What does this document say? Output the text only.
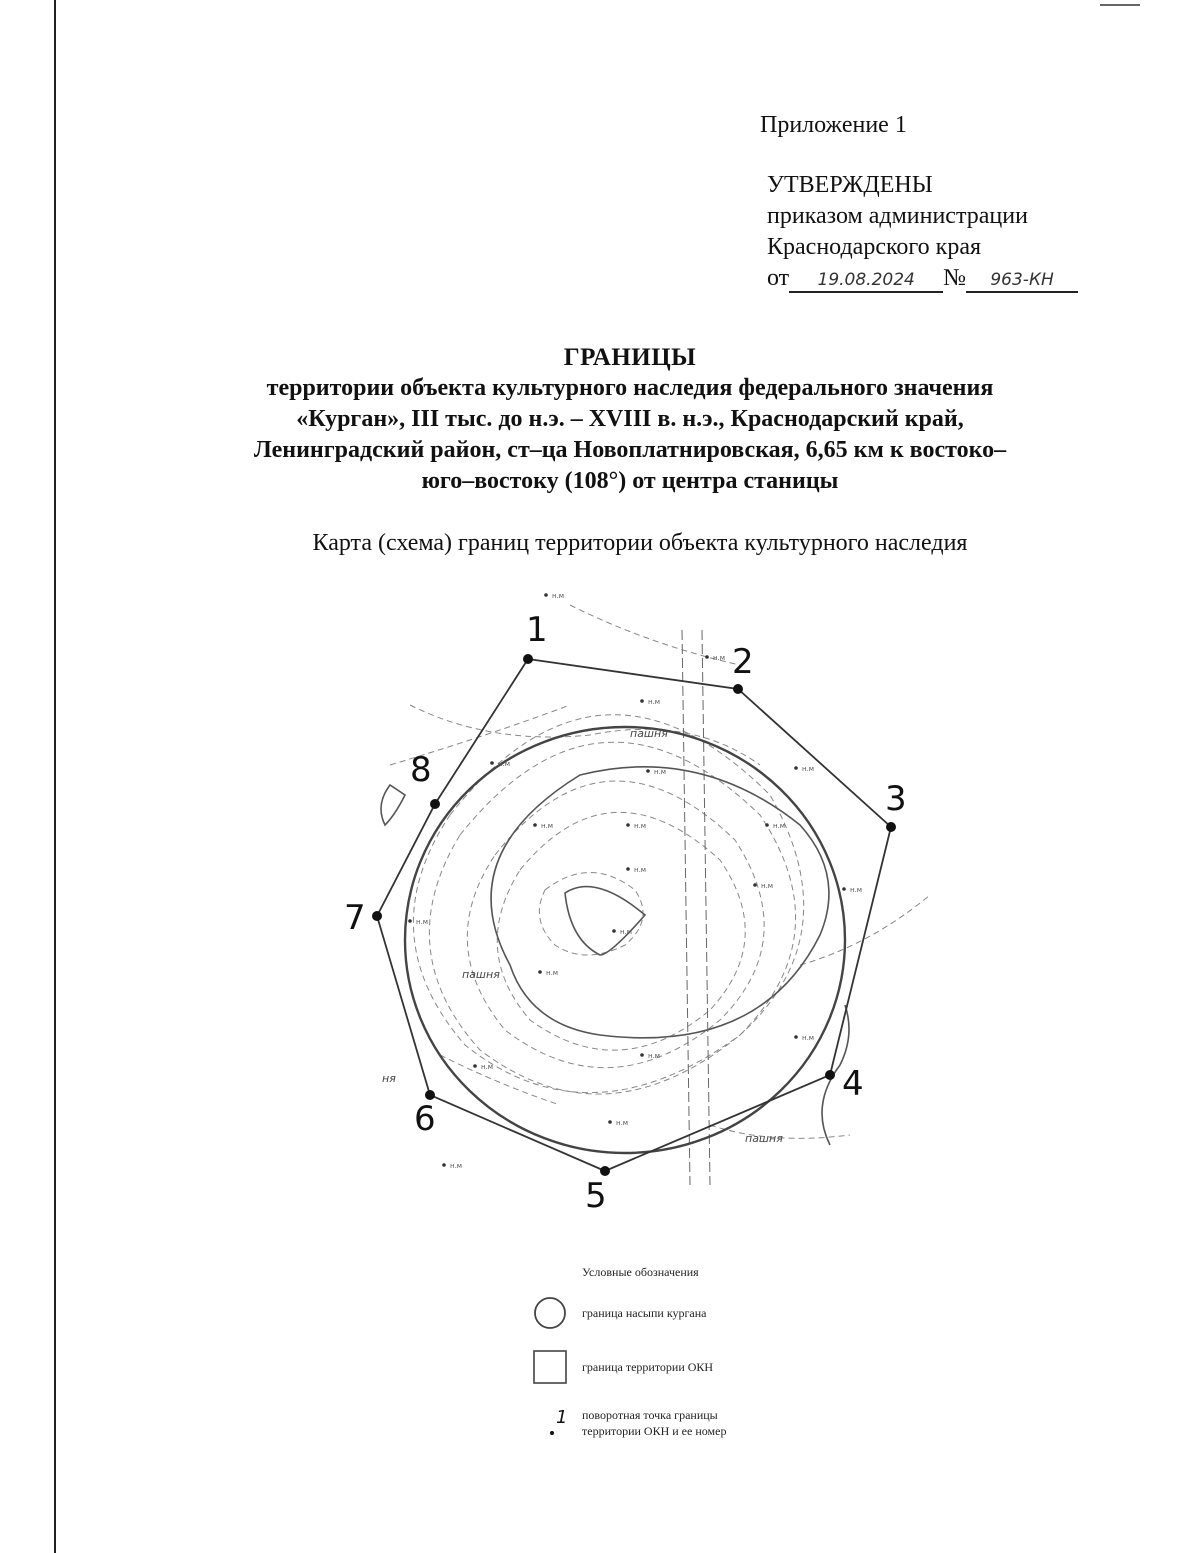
Приложение 1
УТВЕРЖДЕНЫ
приказом администрации
Краснодарского края
от 19.08.2024 № 963-КН
ГРАНИЦЫ
территории объекта культурного наследия федерального значения
«Курган», III тыс. до н.э. – XVIII в. н.э., Краснодарский край,
Ленинградский район, ст–ца Новоплатнировская, 6,65 км к востоко–
юго–востоку (108°) от центра станицы
Карта (схема) границ территории объекта культурного наследия
1
2
3
4
5
6
7
8
пашня
пашня
пашня
ня
н.м
н.м
н.м
н.м
н.м
н.м
н.м	н.м	н.м
н.м
н.м	н.м
н.м
н.м
н.м
н.м
н.м
н.м
н.м
н.м
Условные обозначения
граница насыпи кургана
граница территории ОКН
1 поворотная точка границы
территории ОКН и ее номер
